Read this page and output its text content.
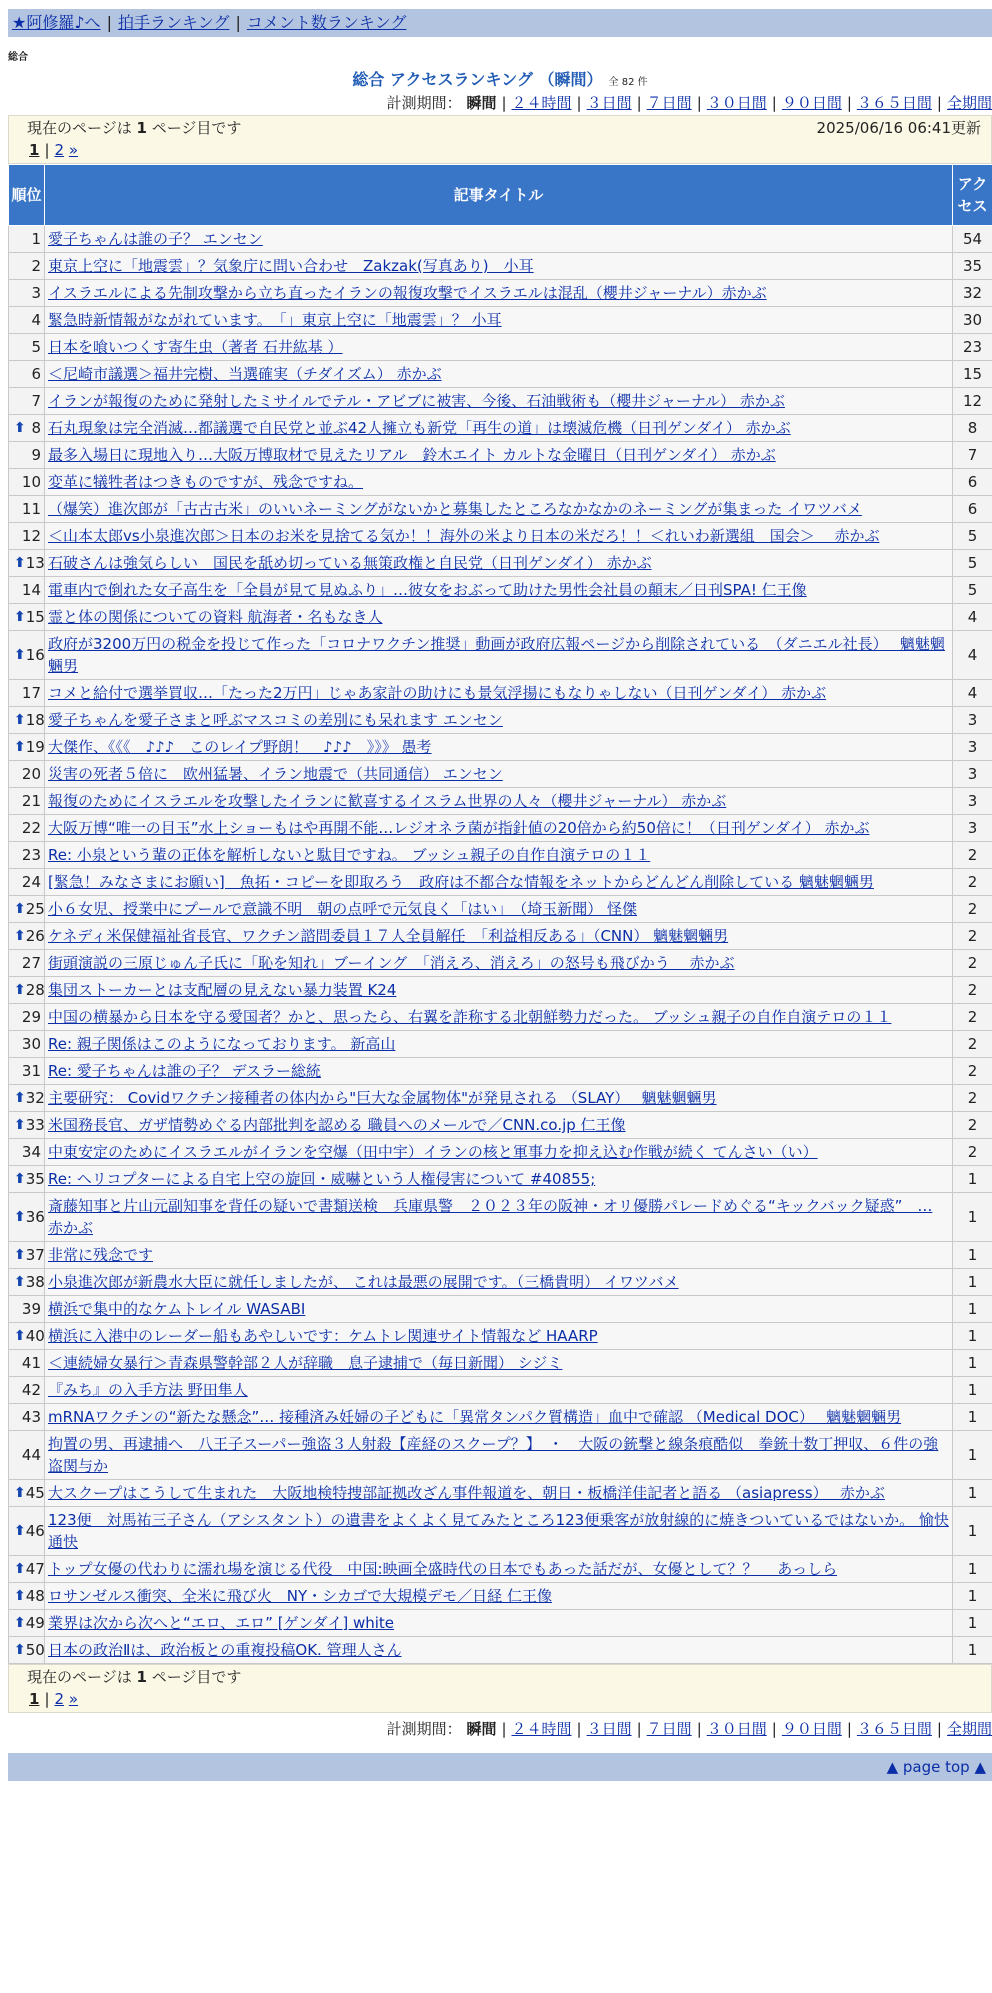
★阿修羅♪へ | 拍手ランキング | コメント数ランキング
総合
総合 アクセスランキング （瞬間） 全 82 件
計測期間： 瞬間 | ２４時間 | ３日間 | ７日間 | ３０日間 | ９０日間 | ３６５日間 | 全期間
現在のページは 1 ページ目です	2025/06/16 06:41更新
1 | 2 »
順位	記事タイトル	アクセス
1	愛子ちゃんは誰の子？ エンセン	54
2	東京上空に「地震雲」？気象庁に問い合わせ　Zakzak(写真あり)　小耳	35
3	イスラエルによる先制攻撃から立ち直ったイランの報復攻撃でイスラエルは混乱（櫻井ジャーナル）赤かぶ	32
4	緊急時新情報がながれています。　「」東京上空に「地震雲」？ 小耳	30
5	日本を喰いつくす寄生虫（著者 石井紘基 ）	23
6	＜尼崎市議選＞福井完樹、当選確実（チダイズム） 赤かぶ	15
7	イランが報復のために発射したミサイルでテル・アビブに被害、今後、石油戦術も（櫻井ジャーナル） 赤かぶ	12

⬆ 8	石丸現象は完全消滅…都議選で自民党と並ぶ42人擁立も新党「再生の道」は壊滅危機（日刊ゲンダイ） 赤かぶ	8
9	最多入場日に現地入り…大阪万博取材で見えたリアル　鈴木エイト カルトな金曜日（日刊ゲンダイ） 赤かぶ	7
10	変革に犠牲者はつきものですが、残念ですね。	6
11	（爆笑）進次郎が「古古古米」のいいネーミングがないかと募集したところなかなかのネーミングが集まった イワツバメ	6
12	＜山本太郎vs小泉進次郎＞日本のお米を見捨てる気か！！海外の米より日本の米だろ！！＜れいわ新選組　国会＞　 赤かぶ	5

⬆ 13	石破さんは強気らしい　国民を舐め切っている無策政権と自民党（日刊ゲンダイ） 赤かぶ	5
14	電車内で倒れた女子高生を「全員が見て見ぬふり」…彼女をおぶって助けた男性会社員の顛末／日刊SPA! 仁王像	5

⬆ 15	霊と体の関係についての資料 航海者・名もなき人	4

⬆ 16	政府が3200万円の税金を投じて作った「コロナワクチン推奨」動画が政府広報ページから削除されている　（ダニエル社長）　 魑魅魍魎男	4
17	コメと給付で選挙買収…「たった2万円」じゃあ家計の助けにも景気浮揚にもなりゃしない（日刊ゲンダイ） 赤かぶ	4

⬆ 18	愛子ちゃんを愛子さまと呼ぶマスコミの差別にも呆れます エンセン	3

⬆ 19	大傑作、《《《　♪♪♪　このレイプ野朗！　♪♪♪　》》》 愚考	3
20	災害の死者５倍に　欧州猛暑、イラン地震で（共同通信） エンセン	3
21	報復のためにイスラエルを攻撃したイランに歓喜するイスラム世界の人々（櫻井ジャーナル） 赤かぶ	3
22	大阪万博“唯一の目玉”水上ショーもはや再開不能…レジオネラ菌が指針値の20倍から約50倍に！（日刊ゲンダイ） 赤かぶ	3
23	Re: 小泉という輩の正体を解析しないと駄目ですね。 ブッシュ親子の自作自演テロの１１	2
24	[緊急！みなさまにお願い]　魚拓・コピーを即取ろう　政府は不都合な情報をネットからどんどん削除している 魑魅魍魎男	2

⬆ 25	小６女児、授業中にプールで意識不明　朝の点呼で元気良く「はい」　（埼玉新聞） 怪傑	2

⬆ 26	ケネディ米保健福祉省長官、ワクチン諮問委員１７人全員解任　「利益相反ある」（CNN） 魑魅魍魎男	2
27	街頭演説の三原じゅん子氏に「恥を知れ」ブーイング　「消えろ、消えろ」の怒号も飛びかう　 赤かぶ	2

⬆ 28	集団ストーカーとは支配層の見えない暴力装置 K24	2
29	中国の横暴から日本を守る愛国者？かと、思ったら、右翼を詐称する北朝鮮勢力だった。 ブッシュ親子の自作自演テロの１１	2
30	Re: 親子関係はこのようになっております。 新高山	2
31	Re: 愛子ちゃんは誰の子？ デスラー総統	2

⬆ 32	主要研究： Covidワクチン接種者の体内から"巨大な金属物体"が発見される （SLAY）　 魑魅魍魎男	2

⬆ 33	米国務長官、ガザ情勢めぐる内部批判を認める 職員へのメールで／CNN.co.jp 仁王像	2
34	中東安定のためにイスラエルがイランを空爆（田中宇）イランの核と軍事力を抑え込む作戦が続く てんさい（い）	2

⬆ 35	Re: ヘリコプターによる自宅上空の旋回・威嚇という人権侵害について #40855;	1

⬆ 36	斎藤知事と片山元副知事を背任の疑いで書類送検　兵庫県警　２０２３年の阪神・オリ優勝パレードめぐる“キックバック疑惑”　… 赤かぶ	1

⬆ 37	非常に残念です	1

⬆ 38	小泉進次郎が新農水大臣に就任しましたが、 これは最悪の展開です。（三橋貴明） イワツバメ	1
39	横浜で集中的なケムトレイル WASABI	1

⬆ 40	横浜に入港中のレーダー船もあやしいです：ケムトレ関連サイト情報など HAARP	1
41	＜連続婦女暴行＞青森県警幹部２人が辞職　息子逮捕で（毎日新聞） シジミ	1
42	『みち』の入手方法 野田隼人	1
43	mRNAワクチンの“新たな懸念”… 接種済み妊婦の子どもに「異常タンパク質構造」血中で確認 （Medical DOC）　 魑魅魍魎男	1
44	拘置の男、再逮捕へ　八王子スーパー強盗３人射殺【産経のスクープ？】　・　大阪の銃撃と線条痕酷似　拳銃十数丁押収、６件の強盗関与か	1

⬆ 45	大スクープはこうして生まれた　大阪地検特捜部証拠改ざん事件報道を、朝日・板橋洋佳記者と語る （asiapress）　 赤かぶ	1

⬆ 46	123便　対馬祐三子さん（アシスタント）の遺書をよくよく見てみたところ123便乗客が放射線的に焼きついているではないか。 愉快通快	1

⬆ 47	トップ女優の代わりに濡れ場を演じる代役　中国:映画全盛時代の日本でもあった話だが、女優として？？　 あっしら	1

⬆ 48	ロサンゼルス衝突、全米に飛び火　NY・シカゴで大規模デモ／日経 仁王像	1

⬆ 49	業界は次から次へと“エロ、エロ” [ゲンダイ] white	1

⬆ 50	日本の政治Ⅱは、政治板との重複投稿OK. 管理人さん	1
現在のページは 1 ページ目です
1 | 2 »
計測期間： 瞬間 | ２４時間 | ３日間 | ７日間 | ３０日間 | ９０日間 | ３６５日間 | 全期間
▲ page top ▲
